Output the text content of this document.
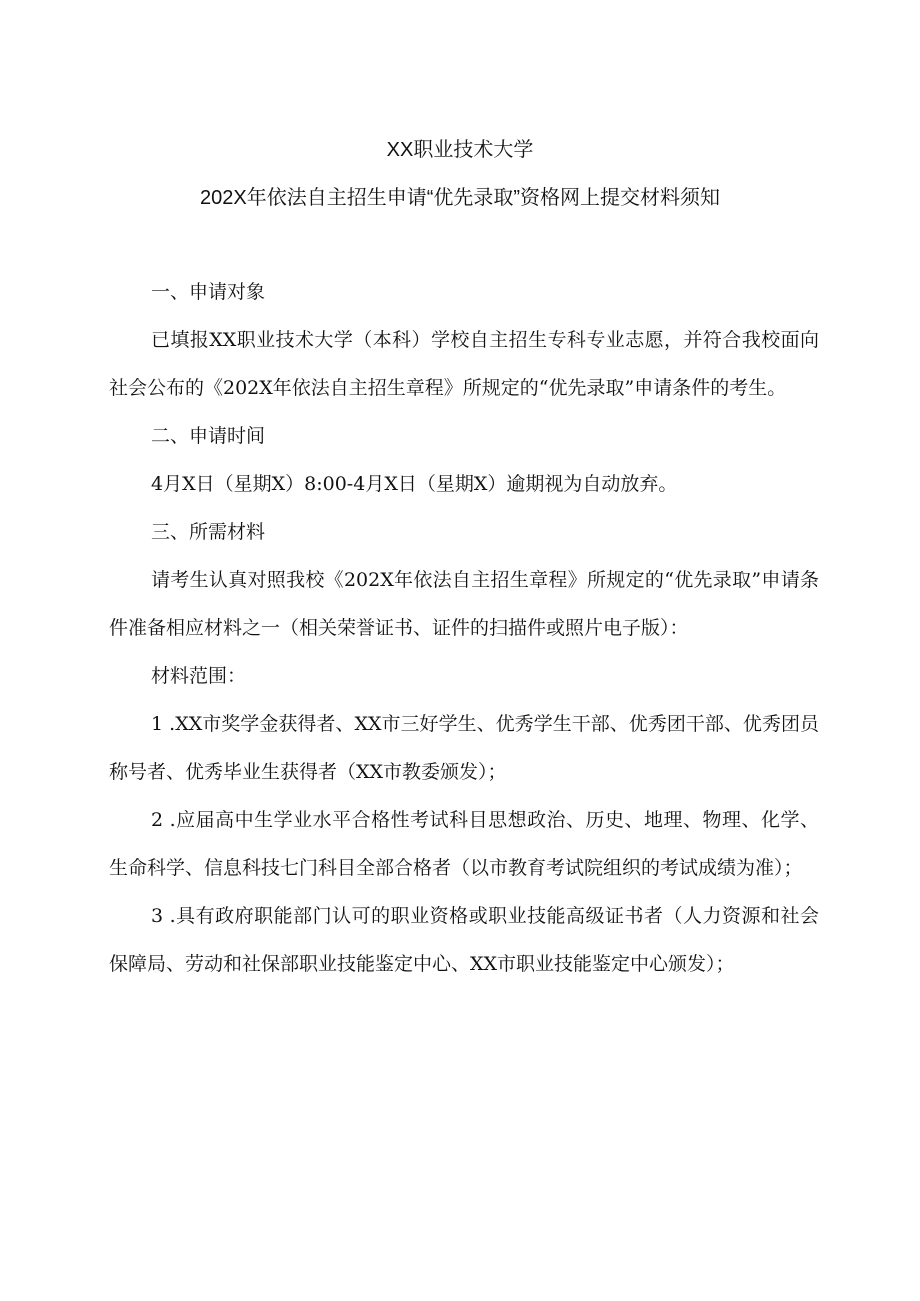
XX职业技术大学
202X年依法自主招生申请“优先录取”资格网上提交材料须知

一、申请对象

已填报XX职业技术大学（本科）学校自主招生专科专业志愿，并符合我校面向社会公布的《202X年依法自主招生章程》所规定的“优先录取”申请条件的考生。

二、申请时间

4月X日（星期X）8:00-4月X日（星期X）逾期视为自动放弃。

三、所需材料

请考生认真对照我校《202X年依法自主招生章程》所规定的“优先录取”申请条件准备相应材料之一（相关荣誉证书、证件的扫描件或照片电子版）：

材料范围：

1 .XX市奖学金获得者、XX市三好学生、优秀学生干部、优秀团干部、优秀团员称号者、优秀毕业生获得者（XX市教委颁发）；

2 .应届高中生学业水平合格性考试科目思想政治、历史、地理、物理、化学、生命科学、信息科技七门科目全部合格者（以市教育考试院组织的考试成绩为准）；

3 .具有政府职能部门认可的职业资格或职业技能高级证书者（人力资源和社会保障局、劳动和社保部职业技能鉴定中心、XX市职业技能鉴定中心颁发）；
